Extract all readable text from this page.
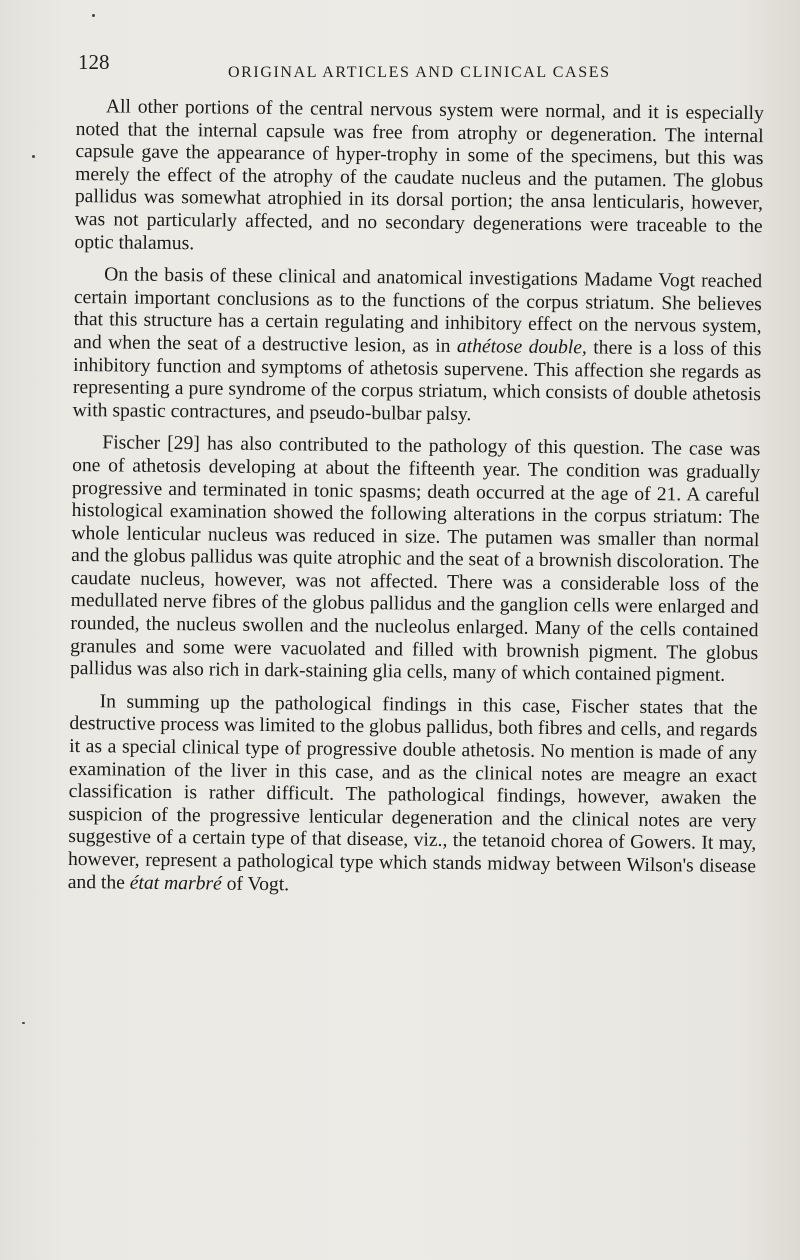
128	ORIGINAL ARTICLES AND CLINICAL CASES

All other portions of the central nervous system were normal, and it is especially noted that the internal capsule was free from atrophy or degeneration. The internal capsule gave the appearance of hyper-trophy in some of the specimens, but this was merely the effect of the atrophy of the caudate nucleus and the putamen. The globus pallidus was somewhat atrophied in its dorsal portion; the ansa lenticularis, however, was not particularly affected, and no secondary degenerations were traceable to the optic thalamus.

On the basis of these clinical and anatomical investigations Madame Vogt reached certain important conclusions as to the functions of the corpus striatum. She believes that this structure has a certain regulating and inhibitory effect on the nervous system, and when the seat of a destructive lesion, as in athétose double, there is a loss of this inhibitory function and symptoms of athetosis supervene. This affection she regards as representing a pure syndrome of the corpus striatum, which consists of double athetosis with spastic contractures, and pseudo-bulbar palsy.

Fischer [29] has also contributed to the pathology of this question. The case was one of athetosis developing at about the fifteenth year. The condition was gradually progressive and terminated in tonic spasms; death occurred at the age of 21. A careful histological examination showed the following alterations in the corpus striatum: The whole lenticular nucleus was reduced in size. The putamen was smaller than normal and the globus pallidus was quite atrophic and the seat of a brownish discoloration. The caudate nucleus, however, was not affected. There was a considerable loss of the medullated nerve fibres of the globus pallidus and the ganglion cells were enlarged and rounded, the nucleus swollen and the nucleolus enlarged. Many of the cells contained granules and some were vacuolated and filled with brownish pigment. The globus pallidus was also rich in dark-staining glia cells, many of which contained pigment.

In summing up the pathological findings in this case, Fischer states that the destructive process was limited to the globus pallidus, both fibres and cells, and regards it as a special clinical type of progressive double athetosis. No mention is made of any examination of the liver in this case, and as the clinical notes are meagre an exact classification is rather difficult. The pathological findings, however, awaken the suspicion of the progressive lenticular degeneration and the clinical notes are very suggestive of a certain type of that disease, viz., the tetanoid chorea of Gowers. It may, however, represent a pathological type which stands midway between Wilson's disease and the état marbré of Vogt.
